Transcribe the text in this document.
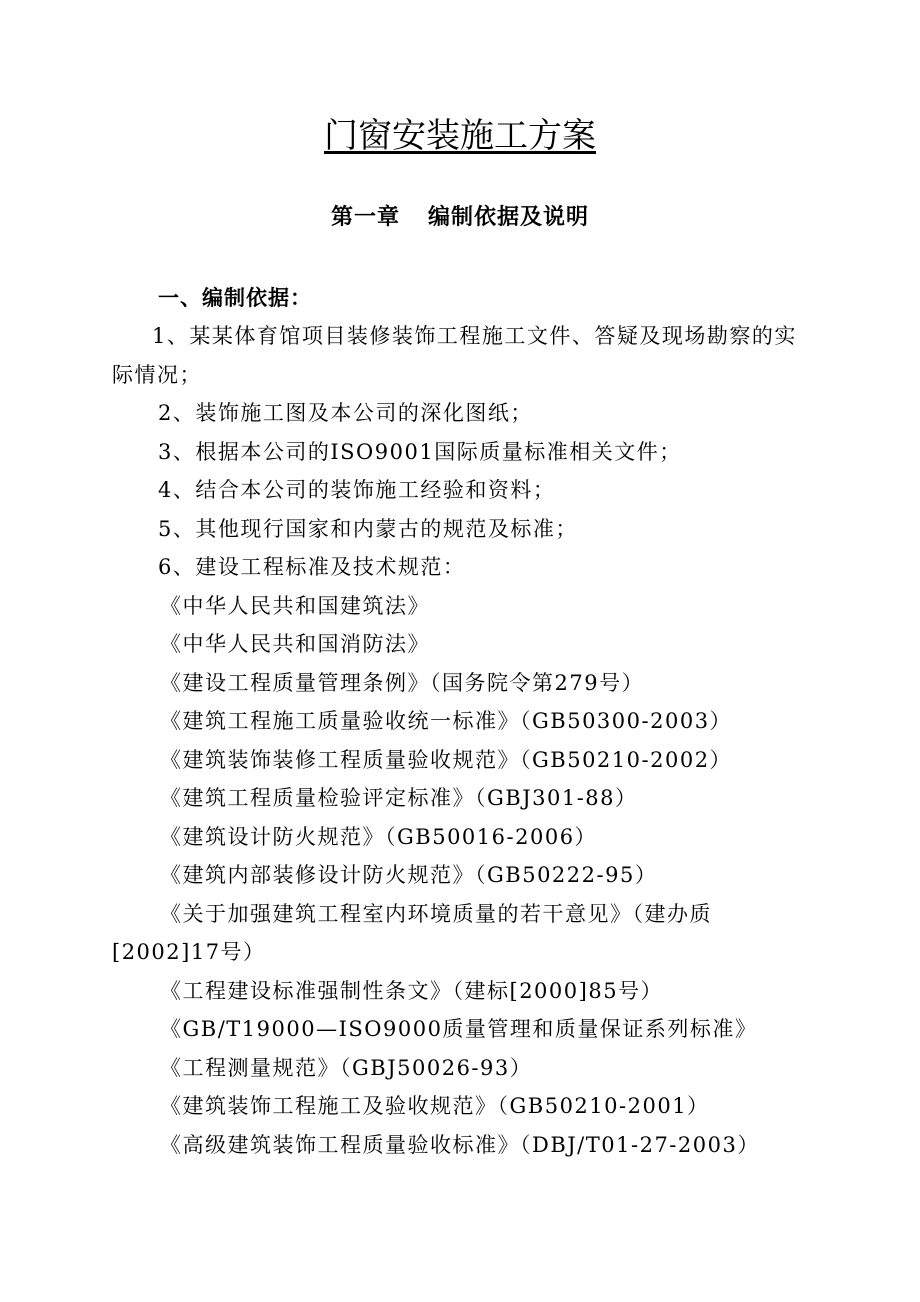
门窗安装施工方案
第一章 编制依据及说明
一、编制依据：

1、某某体育馆项目装修装饰工程施工文件、答疑及现场勘察的实际情况；

2、装饰施工图及本公司的深化图纸；

3、根据本公司的ISO9001国际质量标准相关文件；

4、结合本公司的装饰施工经验和资料；

5、其他现行国家和内蒙古的规范及标准；

6、建设工程标准及技术规范：

《中华人民共和国建筑法》

《中华人民共和国消防法》

《建设工程质量管理条例》（国务院令第279号）

《建筑工程施工质量验收统一标准》（GB50300-2003）

《建筑装饰装修工程质量验收规范》（GB50210-2002）

《建筑工程质量检验评定标准》（GBJ301-88）

《建筑设计防火规范》（GB50016-2006）

《建筑内部装修设计防火规范》（GB50222-95）

《关于加强建筑工程室内环境质量的若干意见》（建办质

[2002]17号）

《工程建设标准强制性条文》（建标[2000]85号）

《GB/T19000—ISO9000质量管理和质量保证系列标准》

《工程测量规范》（GBJ50026-93）

《建筑装饰工程施工及验收规范》（GB50210-2001）

《高级建筑装饰工程质量验收标准》（DBJ/T01-27-2003）
